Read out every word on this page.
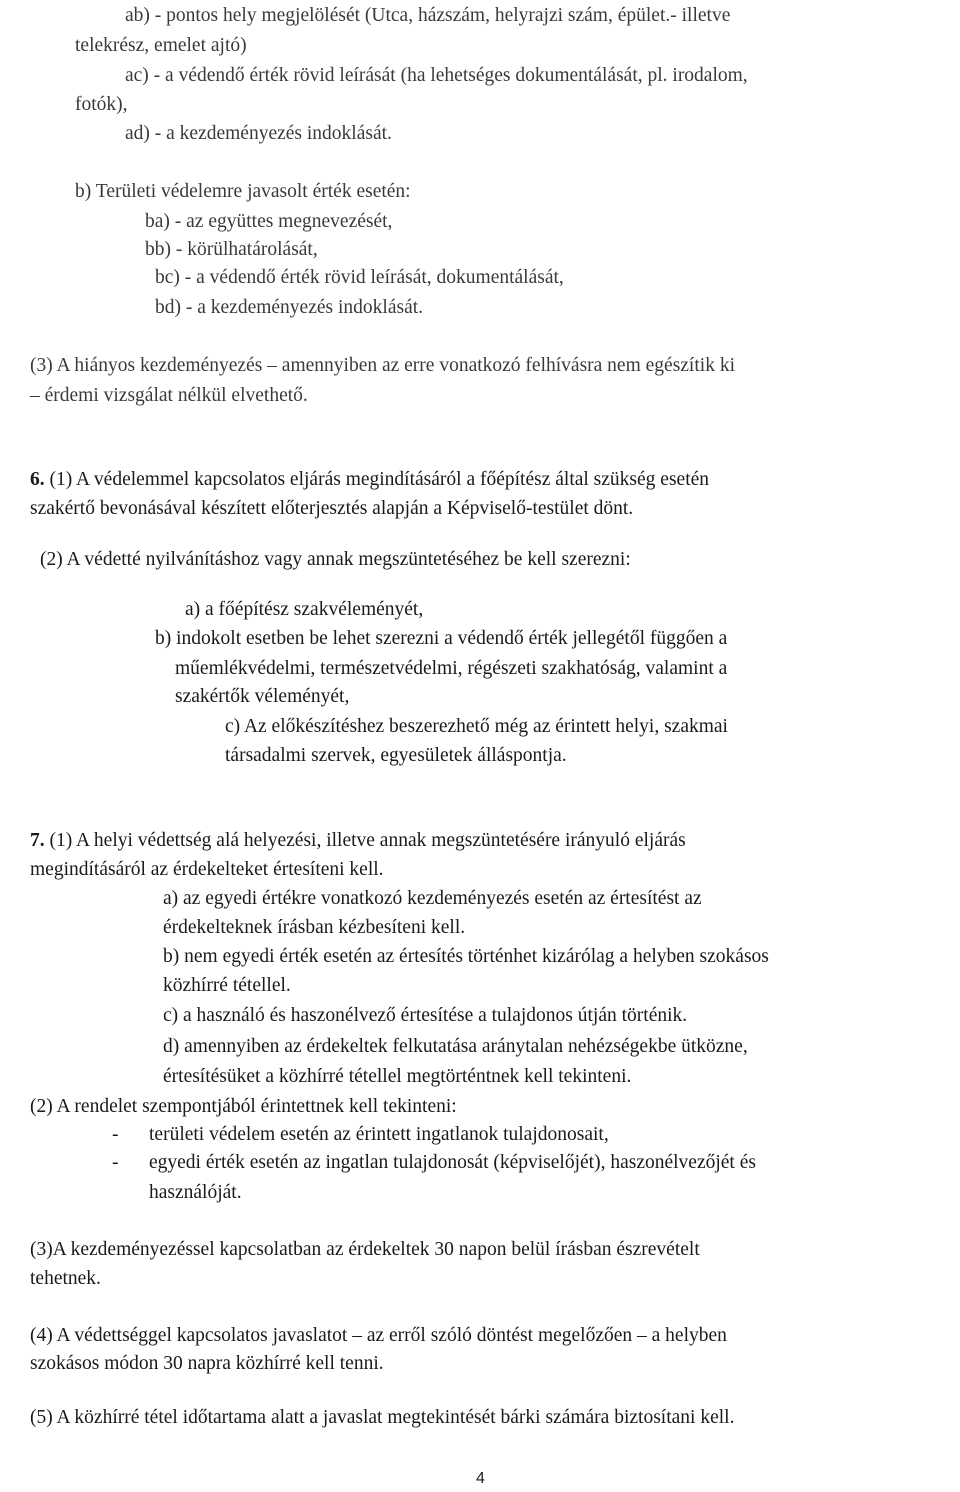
ab) - pontos hely megjelölését (Utca, házszám, helyrajzi szám, épület.- illetve
telekrész, emelet ajtó)
ac) - a védendő érték rövid leírását (ha lehetséges dokumentálását, pl. irodalom,
fotók),
ad) - a kezdeményezés indoklását.
b) Területi védelemre javasolt érték esetén:
ba) - az együttes megnevezését,
bb) - körülhatárolását,
bc) - a védendő érték rövid leírását, dokumentálását,
bd) - a kezdeményezés indoklását.
(3) A hiányos kezdeményezés – amennyiben az erre vonatkozó felhívásra nem egészítik ki
– érdemi vizsgálat nélkül elvethető.
6. (1) A védelemmel kapcsolatos eljárás megindításáról a főépítész által szükség esetén
szakértő bevonásával készített előterjesztés alapján a Képviselő-testület dönt.
(2) A védetté nyilvánításhoz vagy annak megszüntetéséhez be kell szerezni:
a) a főépítész szakvéleményét,
b) indokolt esetben be lehet szerezni a védendő érték jellegétől függően a
műemlékvédelmi, természetvédelmi, régészeti szakhatóság, valamint a
szakértők véleményét,
c) Az előkészítéshez beszerezhető még az érintett helyi, szakmai
társadalmi szervek, egyesületek álláspontja.
7. (1) A helyi védettség alá helyezési, illetve annak megszüntetésére irányuló eljárás
megindításáról az érdekelteket értesíteni kell.
a) az egyedi értékre vonatkozó kezdeményezés esetén az értesítést az
érdekelteknek írásban kézbesíteni kell.
b) nem egyedi érték esetén az értesítés történhet kizárólag a helyben szokásos
közhírré tétellel.
c) a használó és haszonélvező értesítése a tulajdonos útján történik.
d) amennyiben az érdekeltek felkutatása aránytalan nehézségekbe ütközne,
értesítésüket a közhírré tétellel megtörténtnek kell tekinteni.
(2) A rendelet szempontjából érintettnek kell tekinteni:
- területi védelem esetén az érintett ingatlanok tulajdonosait,
- egyedi érték esetén az ingatlan tulajdonosát (képviselőjét), haszonélvezőjét és
használóját.
(3)A kezdeményezéssel kapcsolatban az érdekeltek 30 napon belül írásban észrevételt
tehetnek.
(4) A védettséggel kapcsolatos javaslatot – az erről szóló döntést megelőzően – a helyben
szokásos módon 30 napra közhírré kell tenni.
(5) A közhírré tétel időtartama alatt a javaslat megtekintését bárki számára biztosítani kell.
4
